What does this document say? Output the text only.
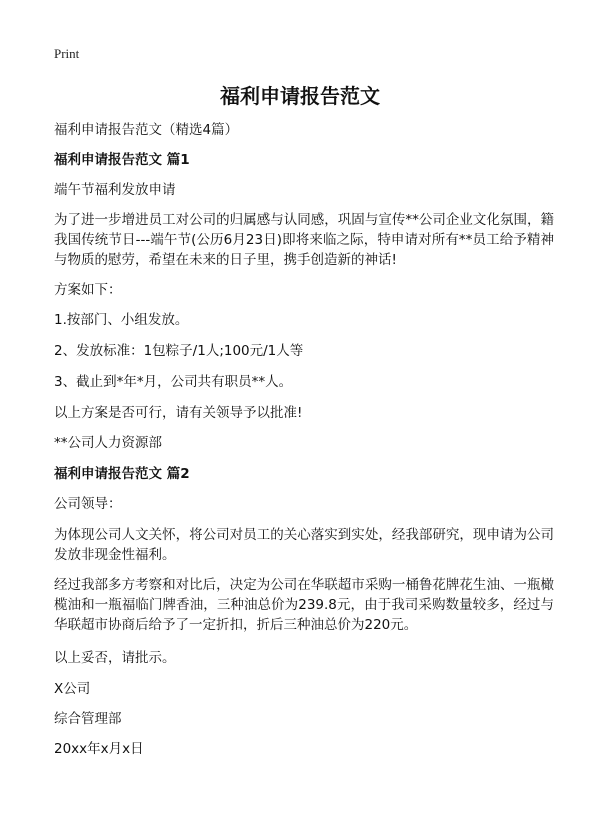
Print
福利申请报告范文
福利申请报告范文（精选4篇）
福利申请报告范文 篇1
端午节福利发放申请
为了进一步增进员工对公司的归属感与认同感，巩固与宣传**公司企业文化氛围，籍我国传统节日---端午节(公历6月23日)即将来临之际，特申请对所有**员工给予精神与物质的慰劳，希望在未来的日子里，携手创造新的神话!
方案如下：
1.按部门、小组发放。
2、发放标准：1包粽子/1人;100元/1人等
3、截止到*年*月，公司共有职员**人。
以上方案是否可行，请有关领导予以批准!
**公司人力资源部
福利申请报告范文 篇2
公司领导：
为体现公司人文关怀，将公司对员工的关心落实到实处，经我部研究，现申请为公司发放非现金性福利。
经过我部多方考察和对比后，决定为公司在华联超市采购一桶鲁花牌花生油、一瓶橄榄油和一瓶福临门牌香油，三种油总价为239.8元，由于我司采购数量较多，经过与华联超市协商后给予了一定折扣，折后三种油总价为220元。
以上妥否，请批示。
X公司
综合管理部
20xx年x月x日
